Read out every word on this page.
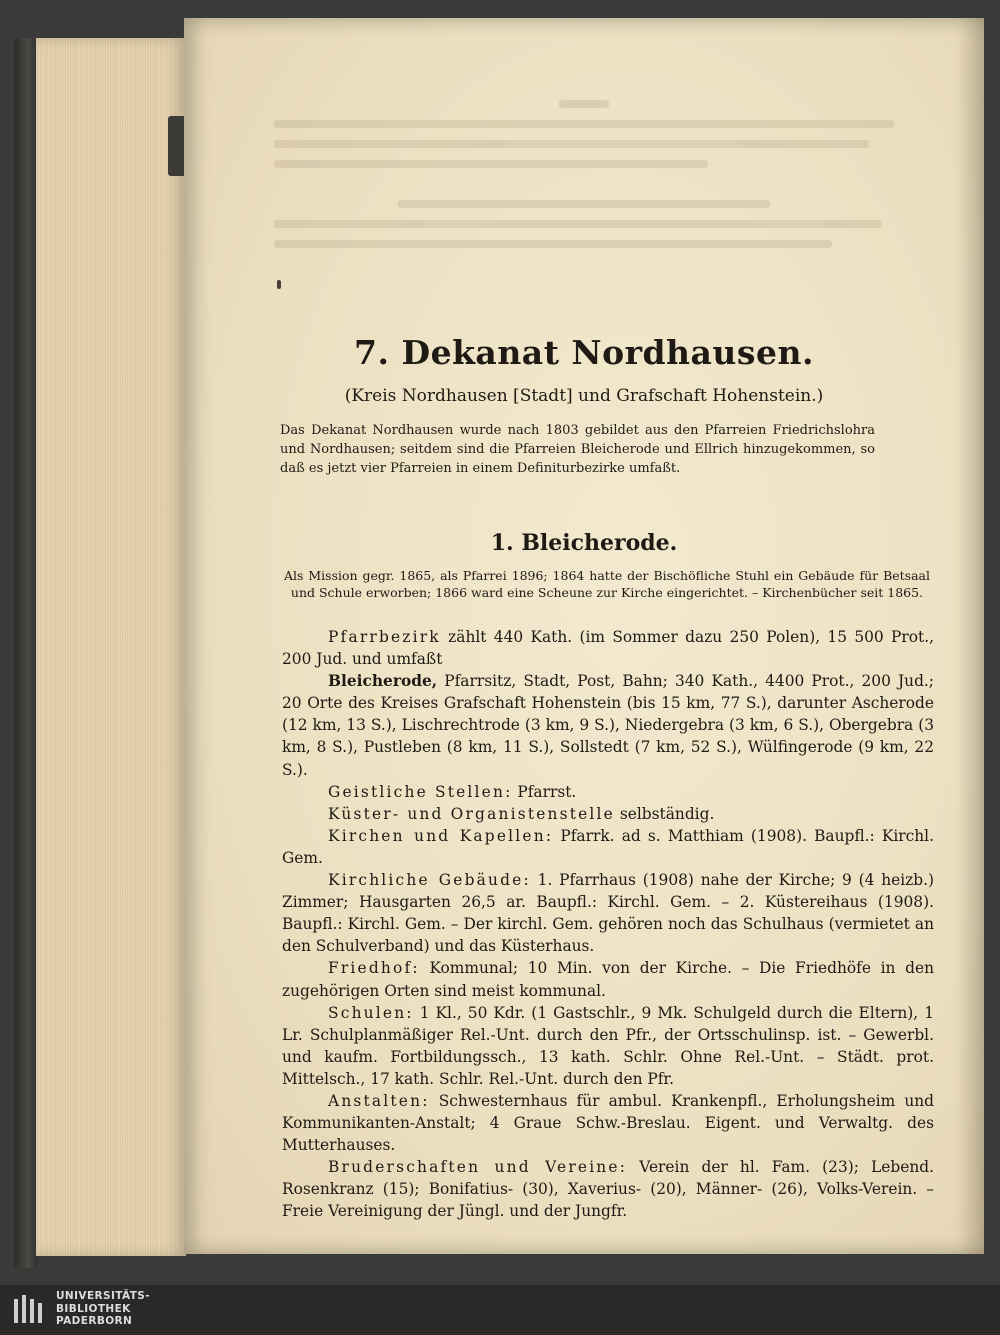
7. Dekanat Nordhausen.
(Kreis Nordhausen [Stadt] und Grafschaft Hohenstein.)
Das Dekanat Nordhausen wurde nach 1803 gebildet aus den Pfarreien Friedrichslohra und Nordhausen; seitdem sind die Pfarreien Bleicherode und Ellrich hinzugekommen, so daß es jetzt vier Pfarreien in einem Definiturbezirke umfaßt.
1. Bleicherode.
Als Mission gegr. 1865, als Pfarrei 1896; 1864 hatte der Bischöfliche Stuhl ein Gebäude für Betsaal und Schule erworben; 1866 ward eine Scheune zur Kirche eingerichtet. – Kirchenbücher seit 1865.

Pfarrbezirk zählt 440 Kath. (im Sommer dazu 250 Polen), 15 500 Prot., 200 Jud. und umfaßt

Bleicherode, Pfarrsitz, Stadt, Post, Bahn; 340 Kath., 4400 Prot., 200 Jud.; 20 Orte des Kreises Grafschaft Hohenstein (bis 15 km, 77 S.), darunter Ascherode (12 km, 13 S.), Lischrechtrode (3 km, 9 S.), Niedergebra (3 km, 6 S.), Obergebra (3 km, 8 S.), Pustleben (8 km, 11 S.), Sollstedt (7 km, 52 S.), Wülfingerode (9 km, 22 S.).

Geistliche Stellen: Pfarrst.

Küster- und Organistenstelle selbständig.

Kirchen und Kapellen: Pfarrk. ad s. Matthiam (1908). Baupfl.: Kirchl. Gem.

Kirchliche Gebäude: 1. Pfarrhaus (1908) nahe der Kirche; 9 (4 heizb.) Zimmer; Hausgarten 26,5 ar. Baupfl.: Kirchl. Gem. – 2. Küstereihaus (1908). Baupfl.: Kirchl. Gem. – Der kirchl. Gem. gehören noch das Schulhaus (vermietet an den Schulverband) und das Küsterhaus.

Friedhof: Kommunal; 10 Min. von der Kirche. – Die Friedhöfe in den zugehörigen Orten sind meist kommunal.

Schulen: 1 Kl., 50 Kdr. (1 Gastschlr., 9 Mk. Schulgeld durch die Eltern), 1 Lr. Schulplanmäßiger Rel.-Unt. durch den Pfr., der Ortsschulinsp. ist. – Gewerbl. und kaufm. Fortbildungssch., 13 kath. Schlr. Ohne Rel.-Unt. – Städt. prot. Mittelsch., 17 kath. Schlr. Rel.-Unt. durch den Pfr.

Anstalten: Schwesternhaus für ambul. Krankenpfl., Erholungsheim und Kommunikanten-Anstalt; 4 Graue Schw.-Breslau. Eigent. und Verwaltg. des Mutterhauses.

Bruderschaften und Vereine: Verein der hl. Fam. (23); Lebend. Rosenkranz (15); Bonifatius- (30), Xaverius- (20), Männer- (26), Volks-Verein. – Freie Vereinigung der Jüngl. und der Jungfr.

UNIVERSITÄTS-
BIBLIOTHEK
PADERBORN
